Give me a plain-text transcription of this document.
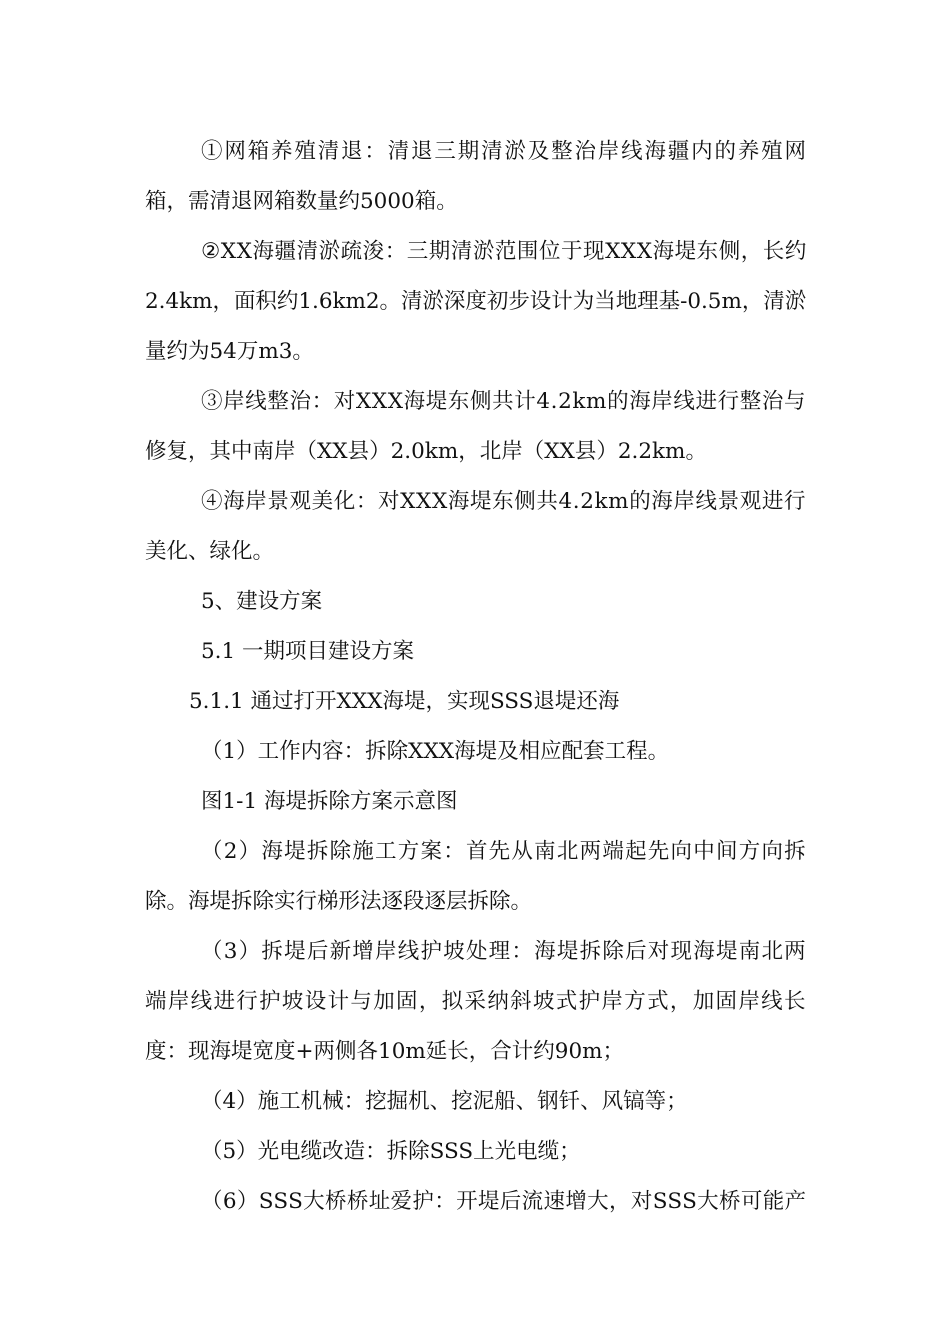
①网箱养殖清退：清退三期清淤及整治岸线海疆内的养殖网
箱，需清退网箱数量约5000箱。
②XX海疆清淤疏浚：三期清淤范围位于现XXX海堤东侧，长约
2.4km，面积约1.6km2。清淤深度初步设计为当地理基-0.5m，清淤
量约为54万m3。
③岸线整治：对XXX海堤东侧共计4.2km的海岸线进行整治与
修复，其中南岸（XX县）2.0km，北岸（XX县）2.2km。
④海岸景观美化：对XXX海堤东侧共4.2km的海岸线景观进行
美化、绿化。
5、建设方案
5.1 一期项目建设方案
5.1.1 通过打开XXX海堤，实现SSS退堤还海
（1）工作内容：拆除XXX海堤及相应配套工程。
图1-1 海堤拆除方案示意图
（2）海堤拆除施工方案：首先从南北两端起先向中间方向拆
除。海堤拆除实行梯形法逐段逐层拆除。
（3）拆堤后新增岸线护坡处理：海堤拆除后对现海堤南北两
端岸线进行护坡设计与加固，拟采纳斜坡式护岸方式，加固岸线长
度：现海堤宽度+两侧各10m延长，合计约90m；
（4）施工机械：挖掘机、挖泥船、钢钎、风镐等；
（5）光电缆改造：拆除SSS上光电缆；
（6）SSS大桥桥址爱护：开堤后流速增大，对SSS大桥可能产
